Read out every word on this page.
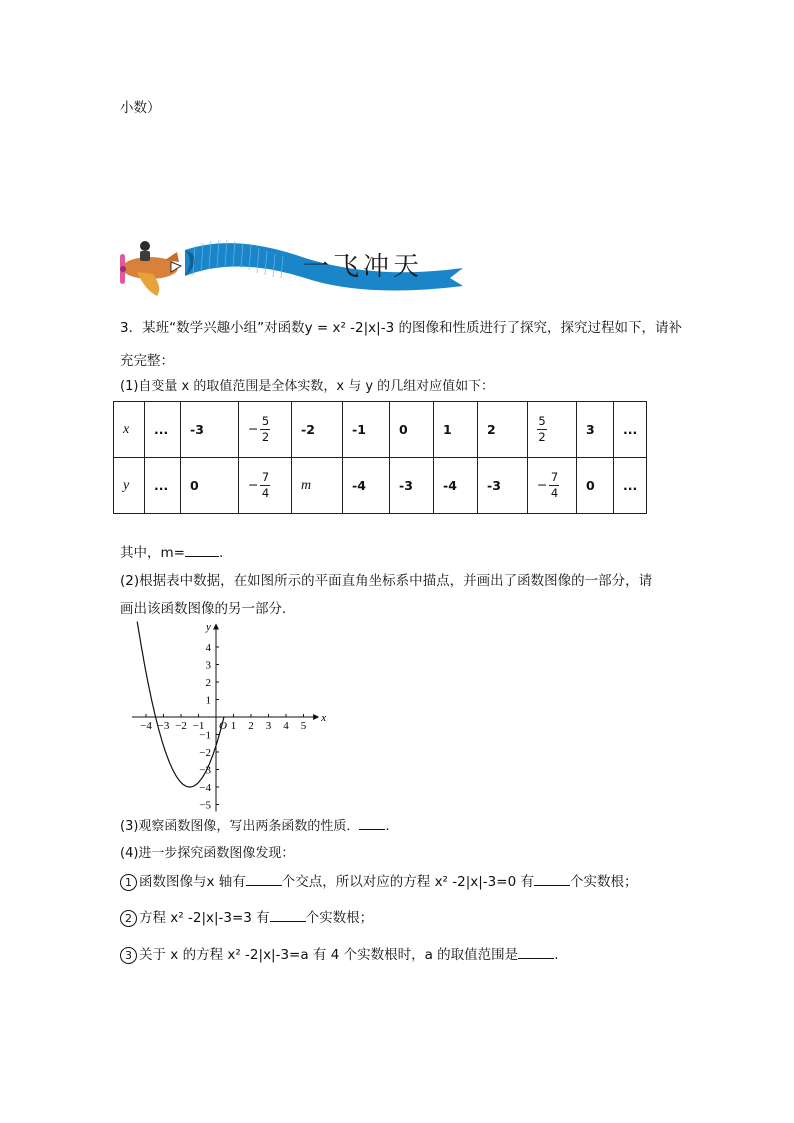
小数）
一飞冲天
3．某班“数学兴趣小组”对函数y = x² -2|x|-3 的图像和性质进行了探究，探究过程如下，请补
充完整：
(1)自变量 x 的取值范围是全体实数，x 与 y 的几组对应值如下：
x	...	-3	− $\frac{5}{2}$	-2	-1	0	1	2	$\frac{5}{2}$	3	...
y	...	0	− $\frac{7}{4}$	m	-4	-3	-4	-3	− $\frac{7}{4}$	0	...
其中，m=	.
(2)根据表中数据，在如图所示的平面直角坐标系中描点，并画出了函数图像的一部分，请
画出该函数图像的另一部分．
−4 −3 −2 −1 1 2 3 4 5
4
3
2
1
−1
−2
−3
−4
−5
O
x
y
(3)观察函数图像，写出两条函数的性质． .
(4)进一步探究函数图像发现：
1 函数图像与x 轴有	个交点，所以对应的方程 x² -2|x|-3=0 有	个实数根；
2 方程 x² -2|x|-3=3 有	个实数根；
3 关于 x 的方程 x² -2|x|-3=a 有 4 个实数根时，a 的取值范围是	.
